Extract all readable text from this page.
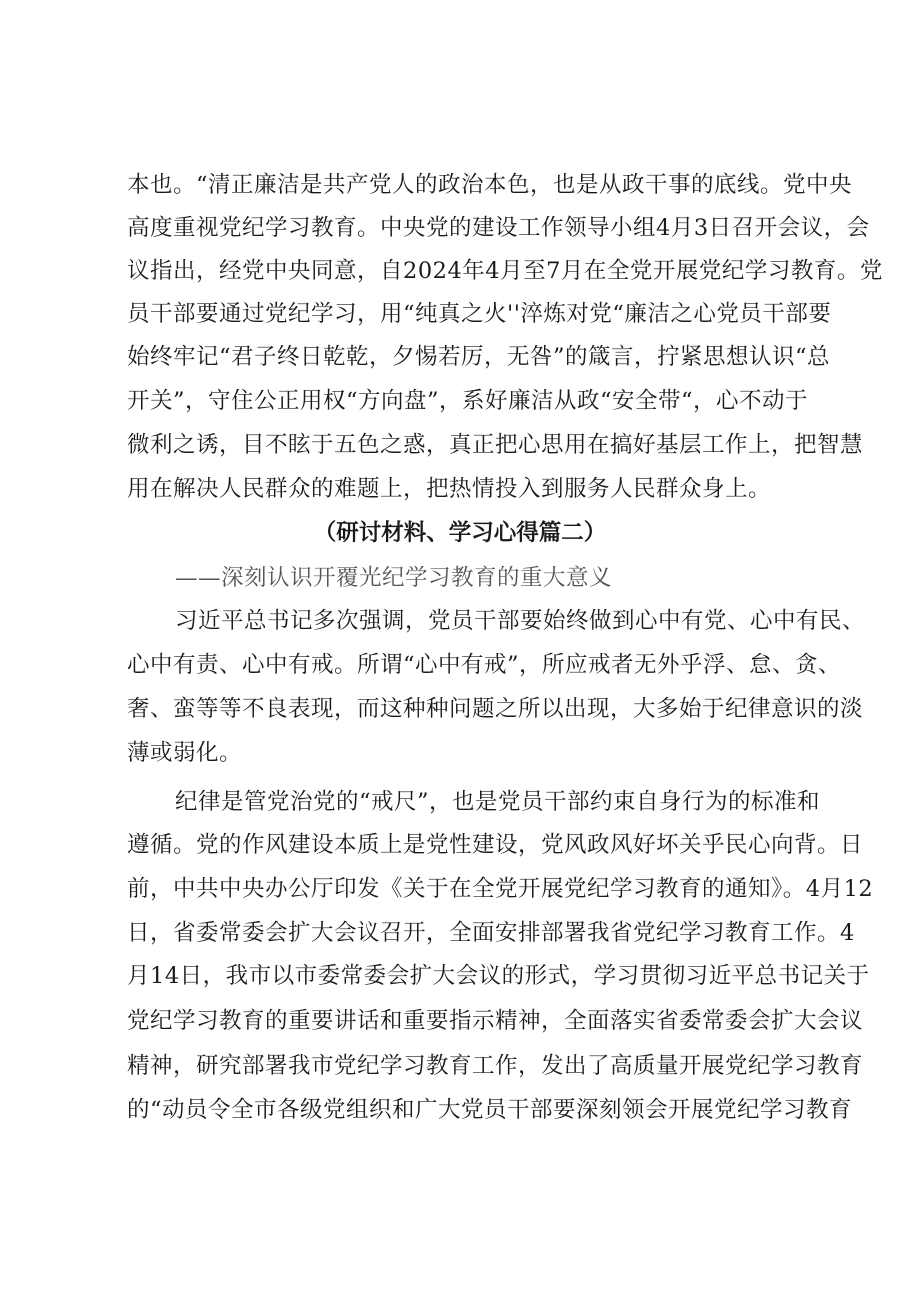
本也。“清正廉洁是共产党人的政治本色，也是从政干事的底线。党中央
高度重视党纪学习教育。中央党的建设工作领导小组4月3日召开会议，会
议指出，经党中央同意，自2024年4月至7月在全党开展党纪学习教育。党
员干部要通过党纪学习，用“纯真之火''淬炼对党“廉洁之心党员干部要
始终牢记“君子终日乾乾，夕惕若厉，无咎”的箴言，拧紧思想认识“总
开关”，守住公正用权“方向盘”，系好廉洁从政“安全带“，心不动于
微利之诱，目不眩于五色之惑，真正把心思用在搞好基层工作上，把智慧
用在解决人民群众的难题上，把热情投入到服务人民群众身上。
（研讨材料、学习心得篇二）
——深刻认识开覆光纪学习教育的重大意义
习近平总书记多次强调，党员干部要始终做到心中有党、心中有民、
心中有责、心中有戒。所谓“心中有戒”，所应戒者无外乎浮、怠、贪、
奢、蛮等等不良表现，而这种种问题之所以出现，大多始于纪律意识的淡
薄或弱化。
纪律是管党治党的“戒尺”，也是党员干部约束自身行为的标准和
遵循。党的作风建设本质上是党性建设，党风政风好坏关乎民心向背。日
前，中共中央办公厅印发《关于在全党开展党纪学习教育的通知》。4月12
日，省委常委会扩大会议召开，全面安排部署我省党纪学习教育工作。4
月14日，我市以市委常委会扩大会议的形式，学习贯彻习近平总书记关于
党纪学习教育的重要讲话和重要指示精神，全面落实省委常委会扩大会议
精神，研究部署我市党纪学习教育工作，发出了高质量开展党纪学习教育
的“动员令全市各级党组织和广大党员干部要深刻领会开展党纪学习教育
